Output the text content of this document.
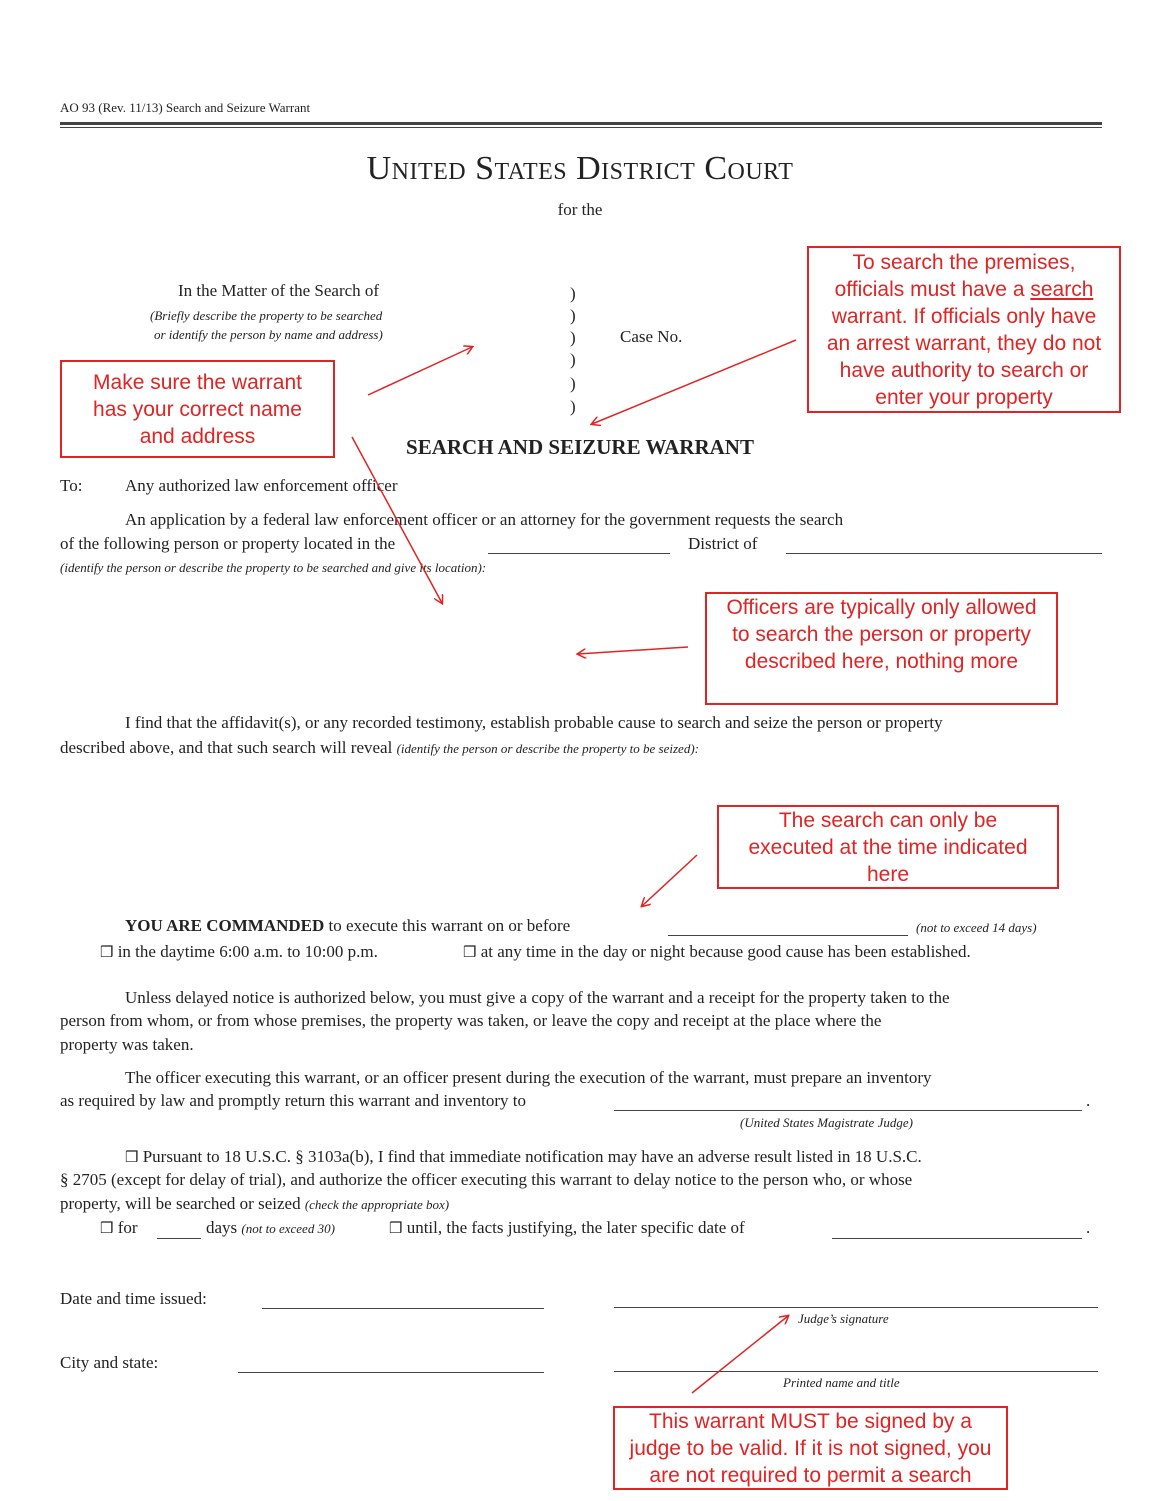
AO 93 (Rev. 11/13) Search and Seizure Warrant
United States District Court
for the
In the Matter of the Search of
(Briefly describe the property to be searched
or identify the person by name and address)
)
)
)
)
)
)
Case No.
SEARCH AND SEIZURE WARRANT
To:	Any authorized law enforcement officer
An application by a federal law enforcement officer or an attorney for the government requests the search
of the following person or property located in the	District of
(identify the person or describe the property to be searched and give its location):
I find that the affidavit(s), or any recorded testimony, establish probable cause to search and seize the person or property
described above, and that such search will reveal (identify the person or describe the property to be seized):
YOU ARE COMMANDED to execute this warrant on or before	(not to exceed 14 days)
❒ in the daytime 6:00 a.m. to 10:00 p.m.	❒ at any time in the day or night because good cause has been established.
Unless delayed notice is authorized below, you must give a copy of the warrant and a receipt for the property taken to the
person from whom, or from whose premises, the property was taken, or leave the copy and receipt at the place where the
property was taken.
The officer executing this warrant, or an officer present during the execution of the warrant, must prepare an inventory
as required by law and promptly return this warrant and inventory to	.
(United States Magistrate Judge)
❒ Pursuant to 18 U.S.C. § 3103a(b), I find that immediate notification may have an adverse result listed in 18 U.S.C.
§ 2705 (except for delay of trial), and authorize the officer executing this warrant to delay notice to the person who, or whose
property, will be searched or seized (check the appropriate box)
❒ for	days (not to exceed 30)	❒ until, the facts justifying, the later specific date of	.
Date and time issued:
Judge’s signature
City and state:
Printed name and title
Make sure the warrant
has your correct name
and address
To search the premises,
officials must have a search
warrant. If officials only have
an arrest warrant, they do not
have authority to search or
enter your property
Officers are typically only allowed
to search the person or property
described here, nothing more
The search can only be
executed at the time indicated
here
This warrant MUST be signed by a
judge to be valid. If it is not signed, you
are not required to permit a search
